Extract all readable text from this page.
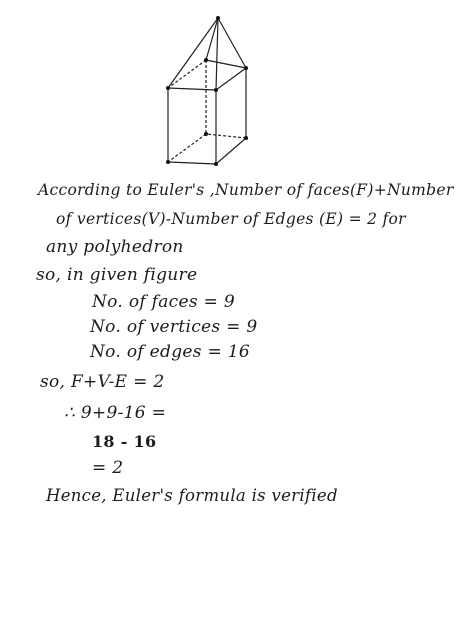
According to Euler's ,Number of faces(F)+Number
of vertices(V)-Number of Edges (E) = 2 for
any polyhedron
so, in given figure
No. of faces = 9
No. of vertices = 9
No. of edges = 16
so, F+V-E = 2
∴ 9+9-16 =
18 - 16
= 2
Hence, Euler's formula is verified
